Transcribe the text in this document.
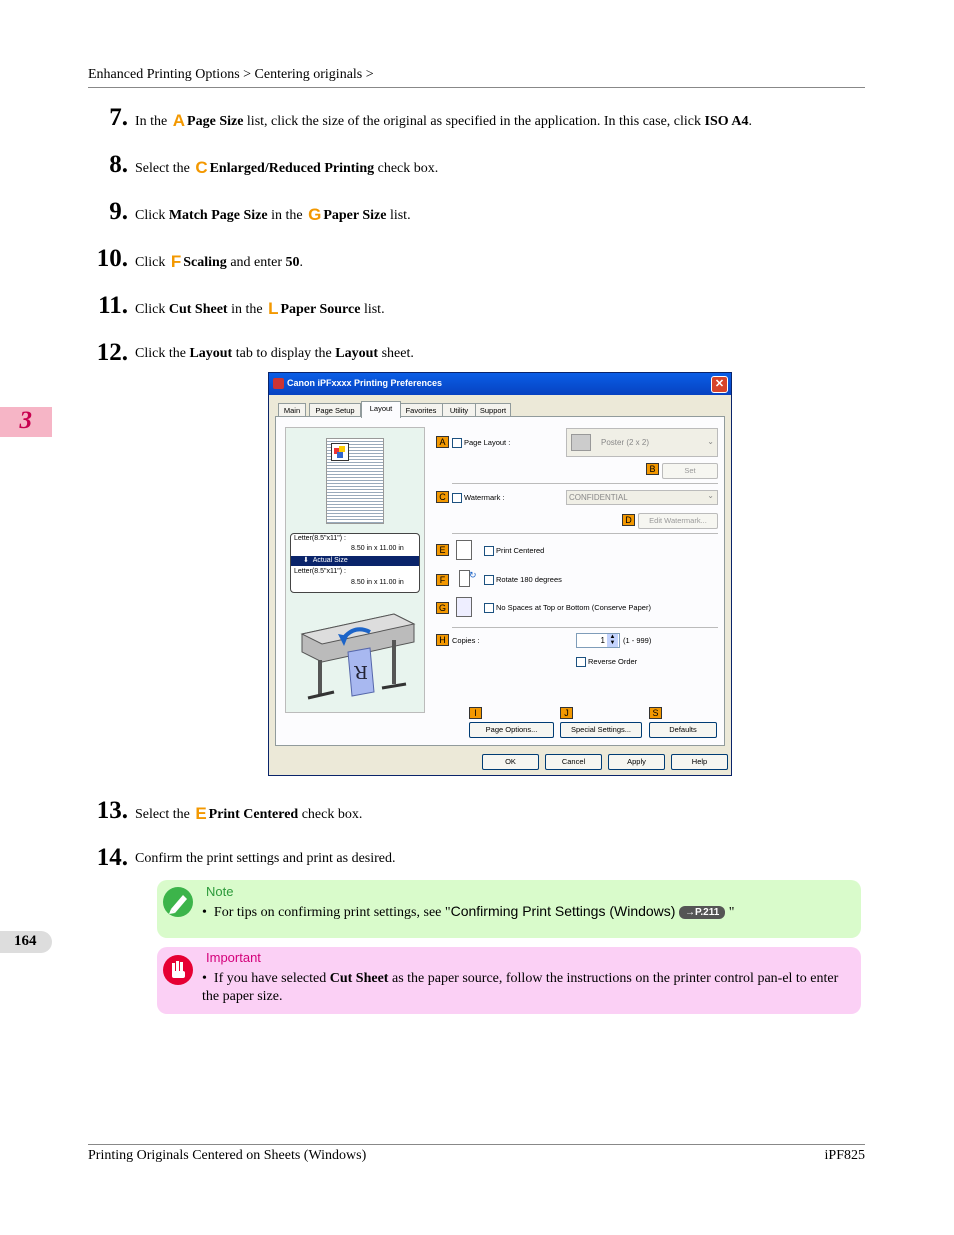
Enhanced Printing Options > Centering originals >
7. In the A Page Size list, click the size of the original as specified in the application. In this case, click ISO A4.
8. Select the C Enlarged/Reduced Printing check box.
9. Click Match Page Size in the G Paper Size list.
10. Click F Scaling and enter 50.
11. Click Cut Sheet in the L Paper Source list.
12. Click the Layout tab to display the Layout sheet.
3
Canon iPFxxxx Printing Preferences	✕
Main	Page Setup	Layout	Favorites	Utility	Support
Letter(8.5"x11") :
8.50 in x 11.00 in
⬇  Actual Size
Letter(8.5"x11") :
8.50 in x 11.00 in
R
A	Page Layout :	Poster (2 x 2)	⌄
B	Set
C	Watermark :	CONFIDENTIAL	⌄
D	Edit Watermark...
E	Print Centered
F	↻	Rotate 180 degrees
G	No Spaces at Top or Bottom (Conserve Paper)
H Copies :	1 ▲
▼	(1 - 999)
Reverse Order
I	J	S
Page Options...	Special Settings...	Defaults
OK	Cancel	Apply	Help
13. Select the E Print Centered check box.
14. Confirm the print settings and print as desired.
Note
• For tips on confirming print settings, see "Confirming Print Settings (Windows) →P.211 "
Important
• If you have selected Cut Sheet as the paper source, follow the instructions on the printer control pan-el to enter the paper size.
164
Printing Originals Centered on Sheets (Windows)	iPF825
